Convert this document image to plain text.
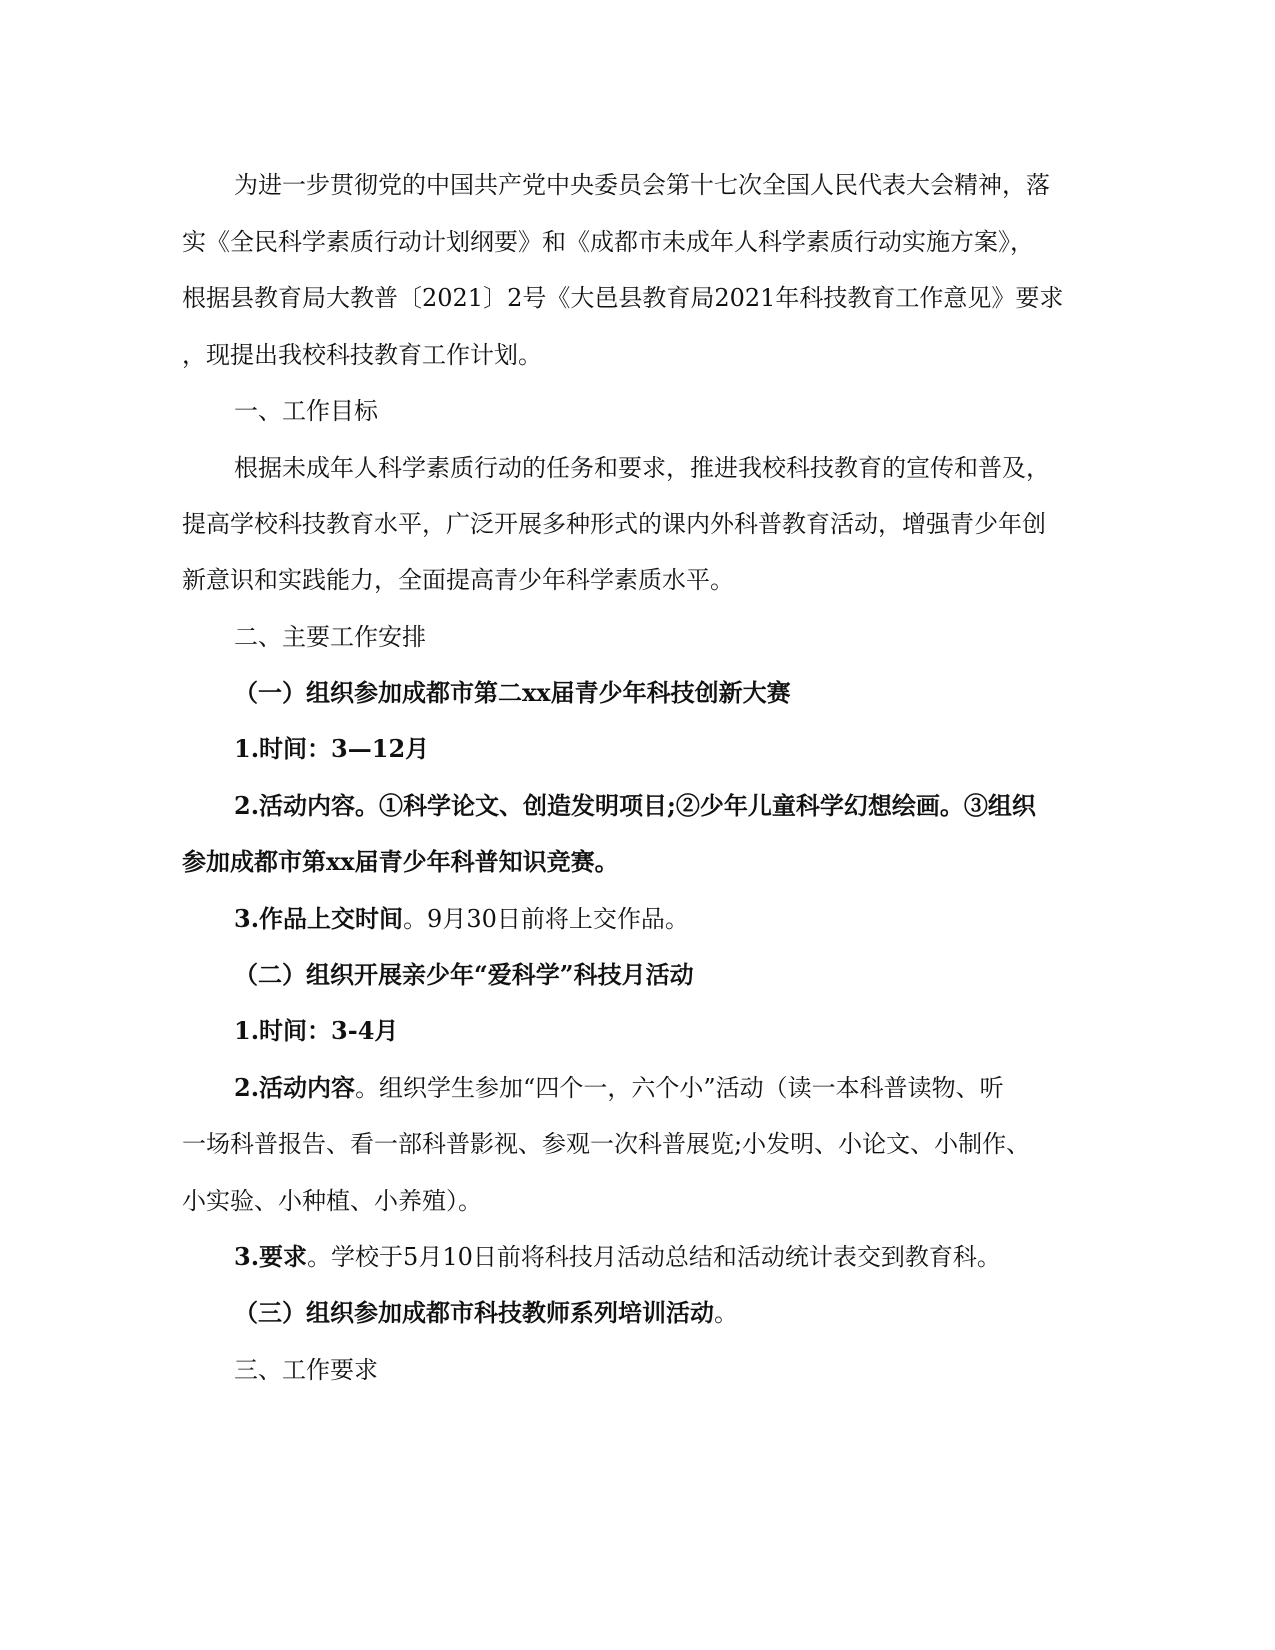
为进一步贯彻党的中国共产党中央委员会第十七次全国人民代表大会精神，落
实《全民科学素质行动计划纲要》和《成都市未成年人科学素质行动实施方案》，
根据县教育局大教普〔2021〕2号《大邑县教育局2021年科技教育工作意见》要求
，现提出我校科技教育工作计划。
一、工作目标
根据未成年人科学素质行动的任务和要求，推进我校科技教育的宣传和普及，
提高学校科技教育水平，广泛开展多种形式的课内外科普教育活动，增强青少年创
新意识和实践能力，全面提高青少年科学素质水平。
二、主要工作安排
（一）组织参加成都市第二xx届青少年科技创新大赛
1.时间：3—12月
2.活动内容。①科学论文、创造发明项目;②少年儿童科学幻想绘画。③组织
参加成都市第xx届青少年科普知识竞赛。
3.作品上交时间。9月30日前将上交作品。
（二）组织开展亲少年“爱科学”科技月活动
1.时间：3-4月
2.活动内容。组织学生参加“四个一，六个小”活动（读一本科普读物、听
一场科普报告、看一部科普影视、参观一次科普展览;小发明、小论文、小制作、
小实验、小种植、小养殖）。
3.要求。学校于5月10日前将科技月活动总结和活动统计表交到教育科。
（三）组织参加成都市科技教师系列培训活动。
三、工作要求
